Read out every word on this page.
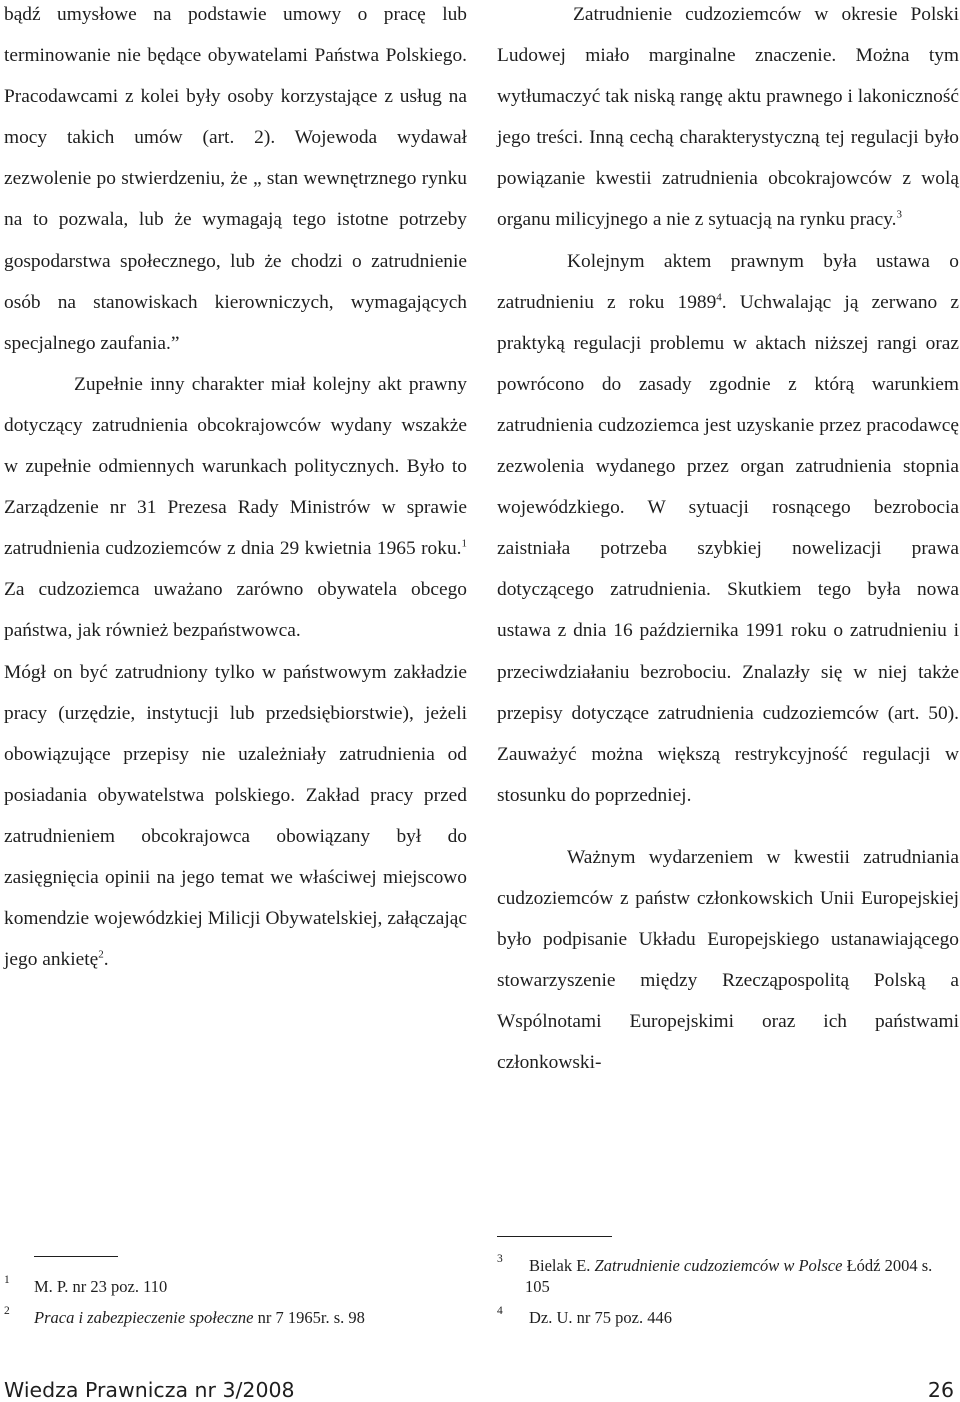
bądź umysłowe na podstawie umowy o pracę lub terminowanie nie będące obywatelami Państwa Polskiego. Pracodawcami z kolei były osoby korzystające z usług na mocy takich umów (art. 2). Wojewoda wydawał zezwolenie po stwierdzeniu, że „ stan wewnętrznego rynku na to pozwala, lub że wymagają tego istotne potrzeby gospodarstwa społecznego, lub że chodzi o zatrudnienie osób na stanowiskach kierowniczych, wymagających specjalnego zaufania.”

Zupełnie inny charakter miał kolejny akt prawny dotyczący zatrudnienia obcokrajowców wydany wszakże w zupełnie odmiennych warunkach politycznych. Było to Zarządzenie nr 31 Prezesa Rady Ministrów w sprawie zatrudnienia cudzoziemców z dnia 29 kwietnia 1965 roku.$^1$ Za cudzoziemca uważano zarówno obywatela obcego państwa, jak również bezpaństwowca.

Mógł on być zatrudniony tylko w państwowym zakładzie pracy (urzędzie, instytucji lub przedsiębiorstwie), jeżeli obowiązujące przepisy nie uzależniały zatrudnienia od posiadania obywatelstwa polskiego. Zakład pracy przed zatrudnieniem obcokrajowca obowiązany był do zasięgnięcia opinii na jego temat we właściwej miejscowo komendzie wojewódzkiej Milicji Obywatelskiej, załączając jego ankietę$^2$.

Zatrudnienie cudzoziemców w okresie Polski Ludowej miało marginalne znaczenie. Można tym wytłumaczyć tak niską rangę aktu prawnego i lakoniczność jego treści. Inną cechą charakterystyczną tej regulacji było powiązanie kwestii zatrudnienia obcokrajowców z wolą organu milicyjnego a nie z sytuacją na rynku pracy.$^3$

Kolejnym aktem prawnym była ustawa o zatrudnieniu z roku 1989$^4$. Uchwalając ją zerwano z praktyką regulacji problemu w aktach niższej rangi oraz powrócono do zasady zgodnie z którą warunkiem zatrudnienia cudzoziemca jest uzyskanie przez pracodawcę zezwolenia wydanego przez organ zatrudnienia stopnia wojewódzkiego. W sytuacji rosnącego bezrobocia zaistniała potrzeba szybkiej nowelizacji prawa dotyczącego zatrudnienia. Skutkiem tego była nowa ustawa z dnia 16 października 1991 roku o zatrudnieniu i przeciwdziałaniu bezrobociu. Znalazły się w niej także przepisy dotyczące zatrudnienia cudzoziemców (art. 50). Zauważyć można większą restrykcyjność regulacji w stosunku do poprzedniej.

Ważnym wydarzeniem w kwestii zatrudniania cudzoziemców z państw członkowskich Unii Europejskiej było podpisanie Układu Europejskiego ustanawiającego stowarzyszenie między Rzecząpospolitą Polską a Wspólnotami Europejskimi oraz ich państwami członkowski-

1 M. P. nr 23 poz. 110
2 Praca i zabezpieczenie społeczne nr 7 1965r. s. 98
3 Bielak E. Zatrudnienie cudzoziemców w Polsce Łódź 2004 s. 105
4 Dz. U. nr 75 poz. 446
Wiedza Prawnicza nr 3/2008	26
